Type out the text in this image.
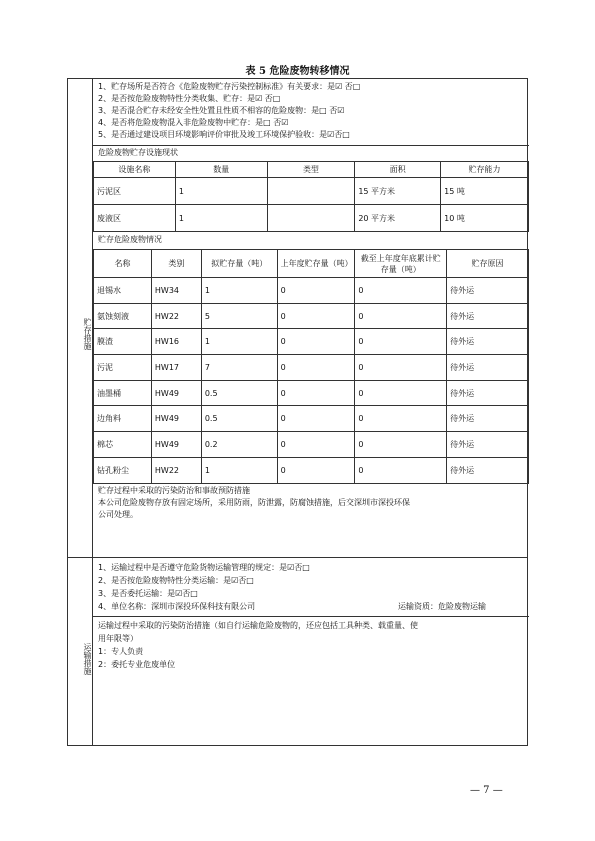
表 5 危险废物转移情况
贮存措施
运输措施
1、贮存场所是否符合《危险废物贮存污染控制标准》有关要求：是☑ 否□
2、是否按危险废物特性分类收集、贮存：是☑ 否□
3、是否混合贮存未经安全性处置且性质不相容的危险废物：是□ 否☑
4、是否将危险废物混入非危险废物中贮存：是□ 否☑
5、是否通过建设项目环境影响评价审批及竣工环境保护验收：是☑否□
危险废物贮存设施现状
设施名称	数量	类型	面积	贮存能力
污泥区	1		15 平方米	15 吨
废液区	1		20 平方米	10 吨
贮存危险废物情况
名称	类别	拟贮存量（吨）	上年度贮存量（吨）	截至上年度年底累计贮存量（吨）	贮存原因
退锡水	HW34	1	0	0	待外运
氨蚀刻液	HW22	5	0	0	待外运
膜渣	HW16	1	0	0	待外运
污泥	HW17	7	0	0	待外运
油墨桶	HW49	0.5	0	0	待外运
边角料	HW49	0.5	0	0	待外运
棉芯	HW49	0.2	0	0	待外运
钻孔粉尘	HW22	1	0	0	待外运
贮存过程中采取的污染防治和事故预防措施
本公司危险废物存放有固定场所，采用防雨，防泄露，防腐蚀措施，后交深圳市深投环保
公司处理。
1、运输过程中是否遵守危险货物运输管理的规定：是☑否□
2、是否按危险废物特性分类运输：是☑否□
3、是否委托运输：是☑否□
4、单位名称：深圳市深投环保科技有限公司	运输资质：危险废物运输
运输过程中采取的污染防治措施（如自行运输危险废物的，还应包括工具种类、载重量、使
用年限等）
1：专人负责
2：委托专业危废单位
— 7 —
